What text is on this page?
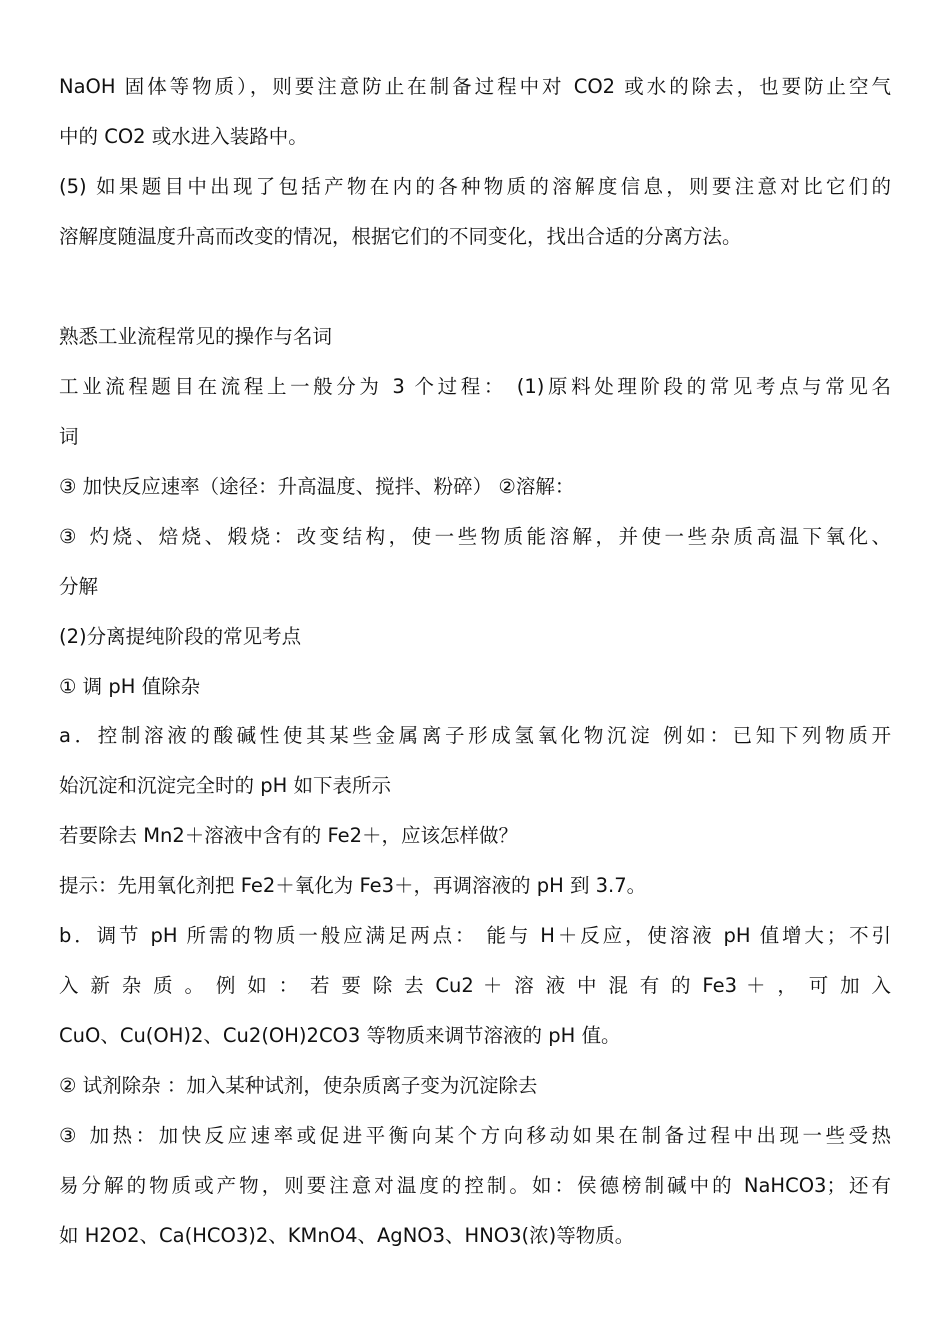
NaOH 固体等物质），则要注意防止在制备过程中对 CO2 或水的除去，也要防止空气
中的 CO2 或水进入装路中。
(5) 如果题目中出现了包括产物在内的各种物质的溶解度信息，则要注意对比它们的
溶解度随温度升高而改变的情况，根据它们的不同变化，找出合适的分离方法。
熟悉工业流程常见的操作与名词
工业流程题目在流程上一般分为 3 个过程： (1)原料处理阶段的常见考点与常见名
词
③ 加快反应速率（途径：升高温度、搅拌、粉碎） ②溶解：
③ 灼烧、焙烧、煅烧：改变结构，使一些物质能溶解，并使一些杂质高温下氧化、
分解
(2)分离提纯阶段的常见考点
① 调 pH 值除杂
a．控制溶液的酸碱性使其某些金属离子形成氢氧化物沉淀 例如：已知下列物质开
始沉淀和沉淀完全时的 pH 如下表所示
若要除去 Mn2＋溶液中含有的 Fe2＋，应该怎样做？
提示：先用氧化剂把 Fe2＋氧化为 Fe3＋，再调溶液的 pH 到 3.7。
b．调节 pH 所需的物质一般应满足两点： 能与 H＋反应，使溶液 pH 值增大；不引
入 新 杂 质 。 例 如 ： 若 要 除 去 Cu2 ＋ 溶 液 中 混 有 的 Fe3 ＋ ， 可 加 入
CuO、Cu(OH)2、Cu2(OH)2CO3 等物质来调节溶液的 pH 值。
② 试剂除杂 ：加入某种试剂，使杂质离子变为沉淀除去
③ 加热：加快反应速率或促进平衡向某个方向移动如果在制备过程中出现一些受热
易分解的物质或产物，则要注意对温度的控制。如：侯德榜制碱中的 NaHCO3；还有
如 H2O2、Ca(HCO3)2、KMnO4、AgNO3、HNO3(浓)等物质。
